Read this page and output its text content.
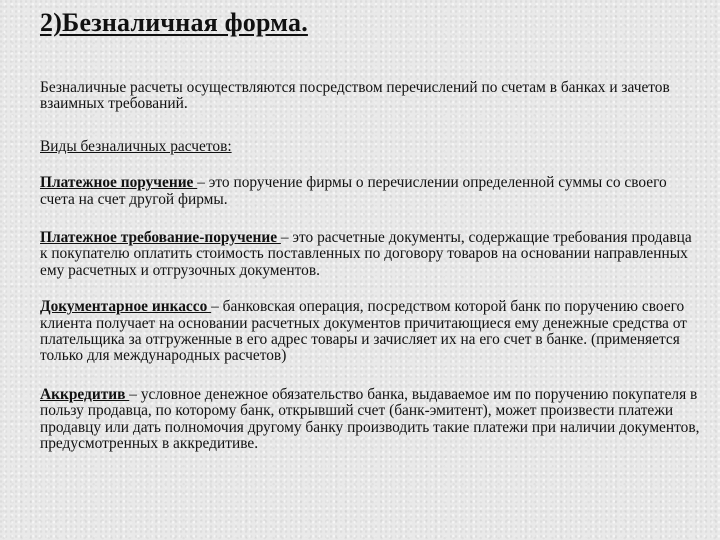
2)Безналичная форма.

Безналичные расчеты осуществляются посредством перечислений по счетам в банках и зачетов взаимных требований.

Виды безналичных расчетов:

Платежное поручение – это поручение фирмы о перечислении определенной суммы со своего счета на счет другой фирмы.

Платежное требование-поручение – это расчетные документы, содержащие требования продавца к покупателю оплатить стоимость поставленных по договору товаров на основании направленных ему расчетных и отгрузочных документов.

Документарное инкассо – банковская операция, посредством которой банк по поручению своего клиента получает на основании расчетных документов причитающиеся ему денежные средства от плательщика за отгруженные в его адрес товары и зачисляет их на его счет в банке. (применяется только для международных расчетов)

Аккредитив – условное денежное обязательство банка, выдаваемое им по поручению покупателя в пользу продавца, по которому банк, открывший счет (банк-эмитент), может произвести платежи продавцу или дать полномочия другому банку производить такие платежи при наличии документов, предусмотренных в аккредитиве.
